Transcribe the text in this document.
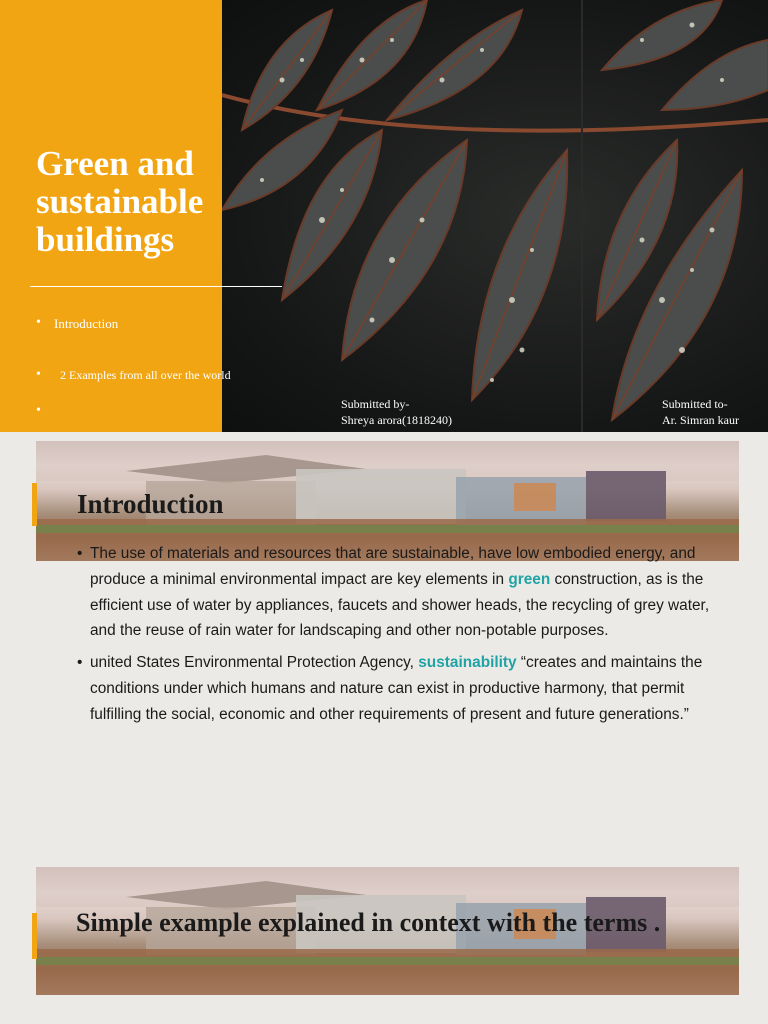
Green and sustainable buildings
• Introduction
• 2 Examples from all over the world
•
Submitted by-
Shreya arora(1818240)
Submitted to-
Ar. Simran kaur
Introduction
• The use of materials and resources that are sustainable, have low embodied energy, and produce a minimal environmental impact are key elements in green construction, as is the efficient use of water by appliances, faucets and shower heads, the recycling of grey water, and the reuse of rain water for landscaping and other non-potable purposes.
• united States Environmental Protection Agency, sustainability “creates and maintains the conditions under which humans and nature can exist in productive harmony, that permit fulfilling the social, economic and other requirements of present and future generations.”
Simple example explained in context with the terms .
